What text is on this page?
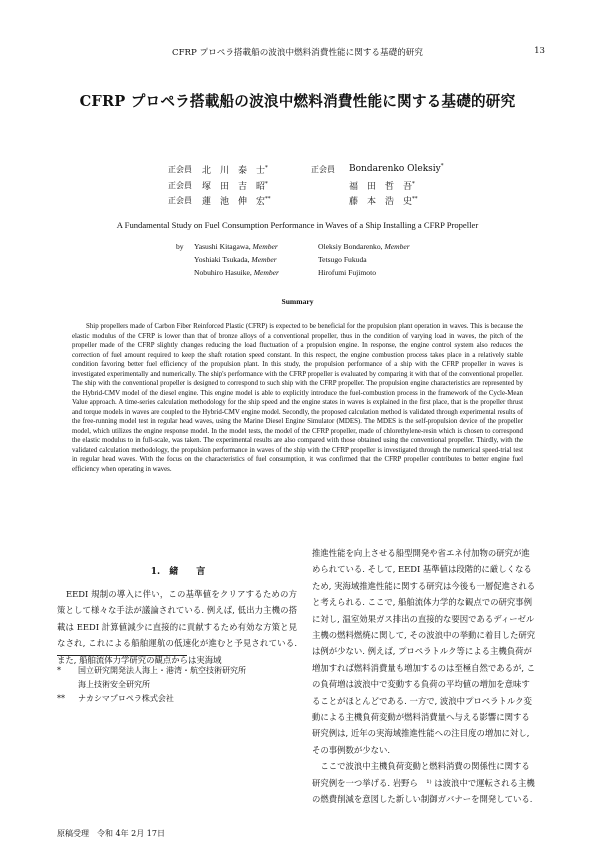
CFRP プロペラ搭載船の波浪中燃料消費性能に関する基礎的研究	13
CFRP プロペラ搭載船の波浪中燃料消費性能に関する基礎的研究
正会員 北　川　泰　士*
正会員 塚　田　吉　昭*
正会員 蓮　池　伸　宏**
正会員 Bondarenko Oleksiy*
福　田　哲　吾*
藤　本　浩　史**
A Fundamental Study on Fuel Consumption Performance in Waves of a Ship Installing a CFRP Propeller
by Yasushi Kitagawa, Member
Yoshiaki Tsukada, Member
Nobuhiro Hasuike, Member
Oleksiy Bondarenko, Member
Tetsugo Fukuda
Hirofumi Fujimoto
Summary
Ship propellers made of Carbon Fiber Reinforced Plastic (CFRP) is expected to be beneficial for the propulsion plant operation in waves. This is because the elastic modulus of the CFRP is lower than that of bronze alloys of a conventional propeller, thus in the condition of varying load in waves, the pitch of the propeller made of the CFRP slightly changes reducing the load fluctuation of a propulsion engine. In response, the engine control system also reduces the correction of fuel amount required to keep the shaft rotation speed constant. In this respect, the engine combustion process takes place in a relatively stable condition favoring better fuel efficiency of the propulsion plant. In this study, the propulsion performance of a ship with the CFRP propeller in waves is investigated experimentally and numerically. The ship's performance with the CFRP propeller is evaluated by comparing it with that of the conventional propeller. The ship with the conventional propeller is designed to correspond to such ship with the CFRP propeller. The propulsion engine characteristics are represented by the Hybrid-CMV model of the diesel engine. This engine model is able to explicitly introduce the fuel-combustion process in the framework of the Cycle-Mean Value approach. A time-series calculation methodology for the ship speed and the engine states in waves is explained in the first place, that is the propeller thrust and torque models in waves are coupled to the Hybrid-CMV engine model. Secondly, the proposed calculation method is validated through experimental results of the free-running model test in regular head waves, using the Marine Diesel Engine Simulator (MDES). The MDES is the self-propulsion device of the propeller model, which utilizes the engine response model. In the model tests, the model of the CFRP propeller, made of chlorethylene-resin which is chosen to correspond the elastic modulus to in full-scale, was taken. The experimental results are also compared with those obtained using the conventional propeller. Thirdly, with the validated calculation methodology, the propulsion performance in waves of the ship with the CFRP propeller is investigated through the numerical speed-trial test in regular head waves. With the focus on the characteristics of fuel consumption, it was confirmed that the CFRP propeller contributes to better engine fuel efficiency when operating in waves.
1.　緒　　言
EEDI 規制の導入に伴い，この基準値をクリアするための方策として様々な手法が議論されている. 例えば, 低出力主機の搭載は EEDI 計算値減少に直接的に貢献するため有効な方策と見なされ, これによる船舶運航の低速化が進むと予見されている. また, 船舶流体力学研究の観点からは実海域
* 国立研究開発法人海上・港湾・航空技術研究所
海上技術安全研究所
** ナカシマプロペラ株式会社
原稿受理　令和 4年 2月 17日
推進性能を向上させる船型開発や省エネ付加物の研究が進
められている. そして, EEDI 基準値は段階的に厳しくなる
ため, 実海域推進性能に関する研究は今後も一層促進される
と考えられる. ここで, 船舶流体力学的な観点での研究事例
に対し, 温室効果ガス排出の直接的な要因であるディーゼル
主機の燃料燃焼に関して, その波浪中の挙動に着目した研究
は例が少ない. 例えば, プロペラトルク等による主機負荷が
増加すれば燃料消費量も増加するのは至極自然であるが, こ
の負荷増は波浪中で変動する負荷の平均値の増加を意味す
ることがほとんどである. 一方で, 波浪中プロペラトルク変
動による主機負荷変動が燃料消費量へ与える影響に関する
研究例は, 近年の実海域推進性能への注目度の増加に対し,
その事例数が少ない.
　ここで波浪中主機負荷変動と燃料消費の関係性に関する
研究例を一つ挙げる. 岩野ら　¹⁾ は波浪中で運転される主機
の燃費削減を意図した新しい制御ガバナーを開発している.
